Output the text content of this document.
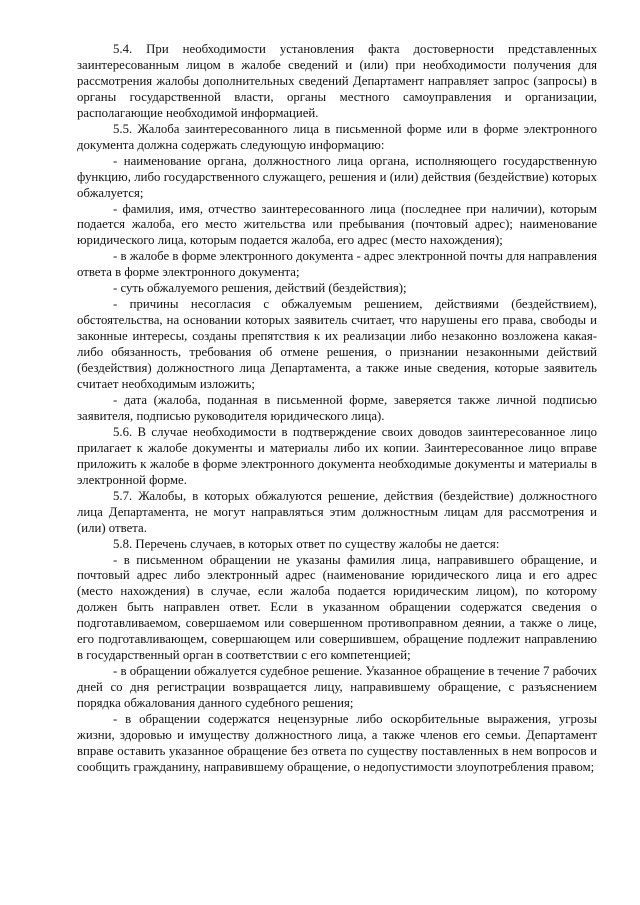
5.4. При необходимости установления факта достоверности представленных заинтересованным лицом в жалобе сведений и (или) при необходимости получения для рассмотрения жалобы дополнительных сведений Департамент направляет запрос (запросы) в органы государственной власти, органы местного самоуправления и организации, располагающие необходимой информацией.

5.5. Жалоба заинтересованного лица в письменной форме или в форме электронного документа должна содержать следующую информацию:

- наименование органа, должностного лица органа, исполняющего государственную функцию, либо государственного служащего, решения и (или) действия (бездействие) которых обжалуется;

- фамилия, имя, отчество заинтересованного лица (последнее при наличии), которым подается жалоба, его место жительства или пребывания (почтовый адрес); наименование юридического лица, которым подается жалоба, его адрес (место нахождения);

- в жалобе в форме электронного документа - адрес электронной почты для направления ответа в форме электронного документа;

- суть обжалуемого решения, действий (бездействия);

- причины несогласия с обжалуемым решением, действиями (бездействием), обстоятельства, на основании которых заявитель считает, что нарушены его права, свободы и законные интересы, созданы препятствия к их реализации либо незаконно возложена какая-либо обязанность, требования об отмене решения, о признании незаконными действий (бездействия) должностного лица Департамента, а также иные сведения, которые заявитель считает необходимым изложить;

- дата (жалоба, поданная в письменной форме, заверяется также личной подписью заявителя, подписью руководителя юридического лица).

5.6. В случае необходимости в подтверждение своих доводов заинтересованное лицо прилагает к жалобе документы и материалы либо их копии. Заинтересованное лицо вправе приложить к жалобе в форме электронного документа необходимые документы и материалы в электронной форме.

5.7. Жалобы, в которых обжалуются решение, действия (бездействие) должностного лица Департамента, не могут направляться этим должностным лицам для рассмотрения и (или) ответа.

5.8. Перечень случаев, в которых ответ по существу жалобы не дается:

- в письменном обращении не указаны фамилия лица, направившего обращение, и почтовый адрес либо электронный адрес (наименование юридического лица и его адрес (место нахождения) в случае, если жалоба подается юридическим лицом), по которому должен быть направлен ответ. Если в указанном обращении содержатся сведения о подготавливаемом, совершаемом или совершенном противоправном деянии, а также о лице, его подготавливающем, совершающем или совершившем, обращение подлежит направлению в государственный орган в соответствии с его компетенцией;

- в обращении обжалуется судебное решение. Указанное обращение в течение 7 рабочих дней со дня регистрации возвращается лицу, направившему обращение, с разъяснением порядка обжалования данного судебного решения;

- в обращении содержатся нецензурные либо оскорбительные выражения, угрозы жизни, здоровью и имуществу должностного лица, а также членов его семьи. Департамент вправе оставить указанное обращение без ответа по существу поставленных в нем вопросов и сообщить гражданину, направившему обращение, о недопустимости злоупотребления правом;
